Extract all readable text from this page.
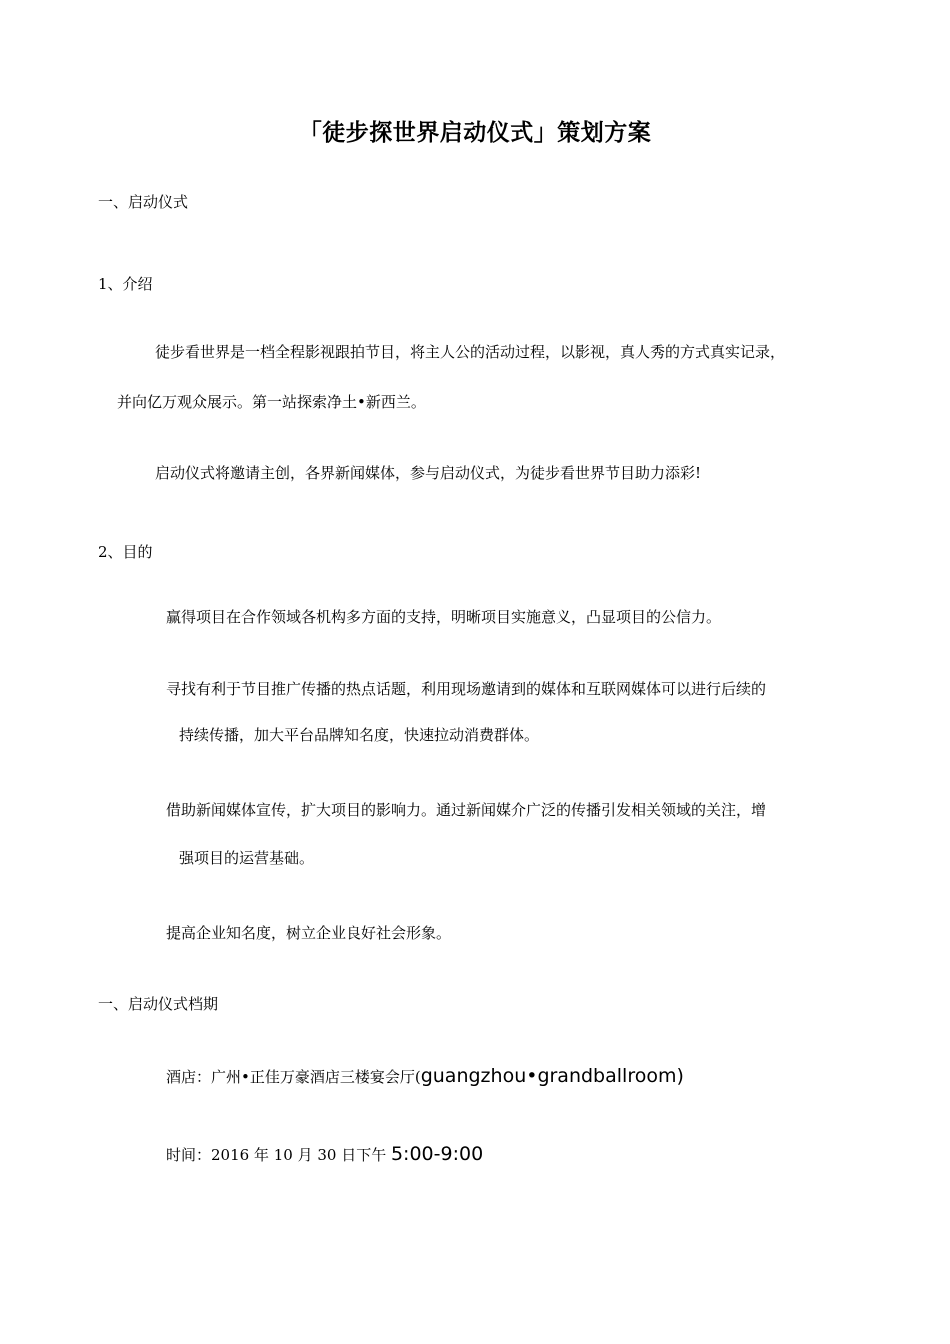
「徒步探世界启动仪式」策划方案
一、启动仪式
1、介绍
徒步看世界是一档全程影视跟拍节目，将主人公的活动过程，以影视，真人秀的方式真实记录，
并向亿万观众展示。第一站探索净土•新西兰。
启动仪式将邀请主创，各界新闻媒体，参与启动仪式，为徒步看世界节目助力添彩!
2、目的
赢得项目在合作领域各机构多方面的支持，明晰项目实施意义，凸显项目的公信力。
寻找有利于节目推广传播的热点话题，利用现场邀请到的媒体和互联网媒体可以进行后续的
持续传播，加大平台品牌知名度，快速拉动消费群体。
借助新闻媒体宣传，扩大项目的影响力。通过新闻媒介广泛的传播引发相关领域的关注，增
强项目的运营基础。
提高企业知名度，树立企业良好社会形象。
一、启动仪式档期
酒店：广州•正佳万豪酒店三楼宴会厅(guangzhou•grandballroom)
时间：2016 年 10 月 30 日下午 5:00-9:00
